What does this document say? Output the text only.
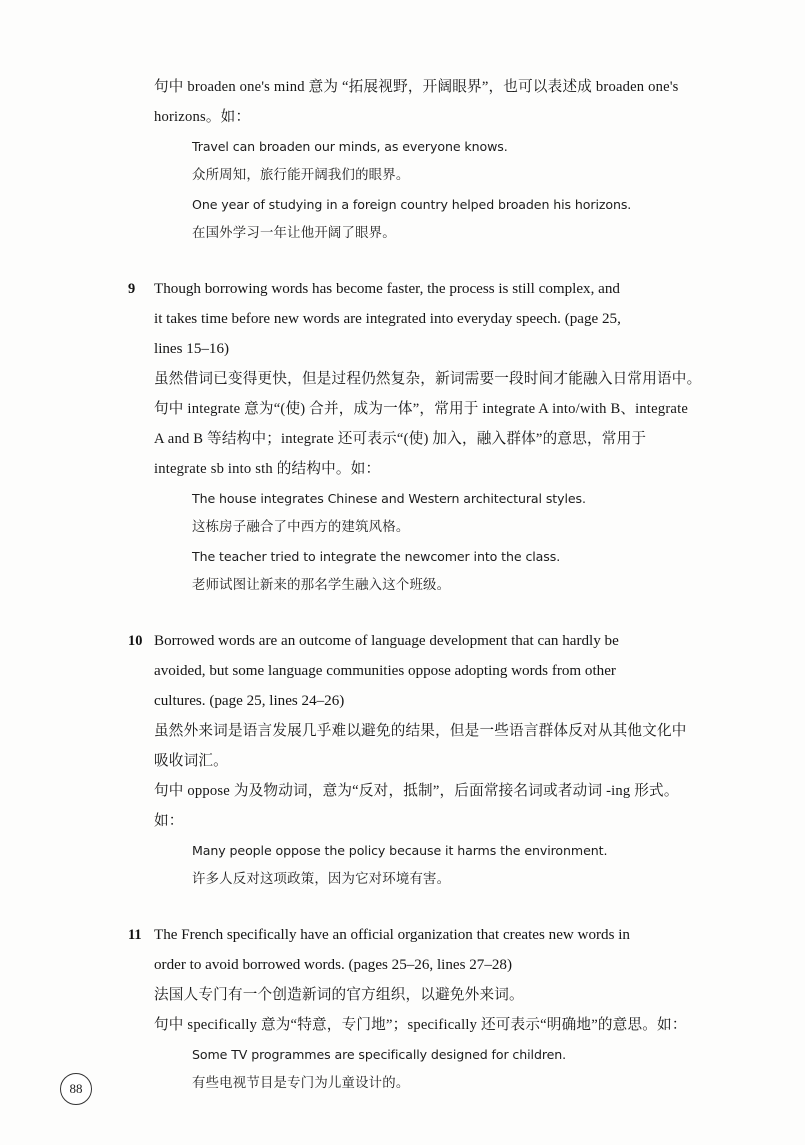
句中 broaden one's mind 意为 “拓展视野，开阔眼界”，也可以表述成 broaden one's

horizons。如：

Travel can broaden our minds, as everyone knows.

众所周知，旅行能开阔我们的眼界。

One year of studying in a foreign country helped broaden his horizons.

在国外学习一年让他开阔了眼界。

9	Though borrowing words has become faster, the process is still complex, and

it takes time before new words are integrated into everyday speech. (page 25,

lines 15–16)

虽然借词已变得更快，但是过程仍然复杂，新词需要一段时间才能融入日常用语中。

句中 integrate 意为“(使) 合并，成为一体”，常用于 integrate A into/with B、integrate

A and B 等结构中；integrate 还可表示“(使) 加入，融入群体”的意思，常用于

integrate sb into sth 的结构中。如：

The house integrates Chinese and Western architectural styles.

这栋房子融合了中西方的建筑风格。

The teacher tried to integrate the newcomer into the class.

老师试图让新来的那名学生融入这个班级。

10 Borrowed words are an outcome of language development that can hardly be

avoided, but some language communities oppose adopting words from other

cultures. (page 25, lines 24–26)

虽然外来词是语言发展几乎难以避免的结果，但是一些语言群体反对从其他文化中

吸收词汇。

句中 oppose 为及物动词，意为“反对，抵制”，后面常接名词或者动词 -ing 形式。如：

Many people oppose the policy because it harms the environment.

许多人反对这项政策，因为它对环境有害。

11 The French specifically have an official organization that creates new words in

order to avoid borrowed words. (pages 25–26, lines 27–28)

法国人专门有一个创造新词的官方组织，以避免外来词。

句中 specifically 意为“特意，专门地”；specifically 还可表示“明确地”的意思。如：

Some TV programmes are specifically designed for children.

有些电视节目是专门为儿童设计的。

88
